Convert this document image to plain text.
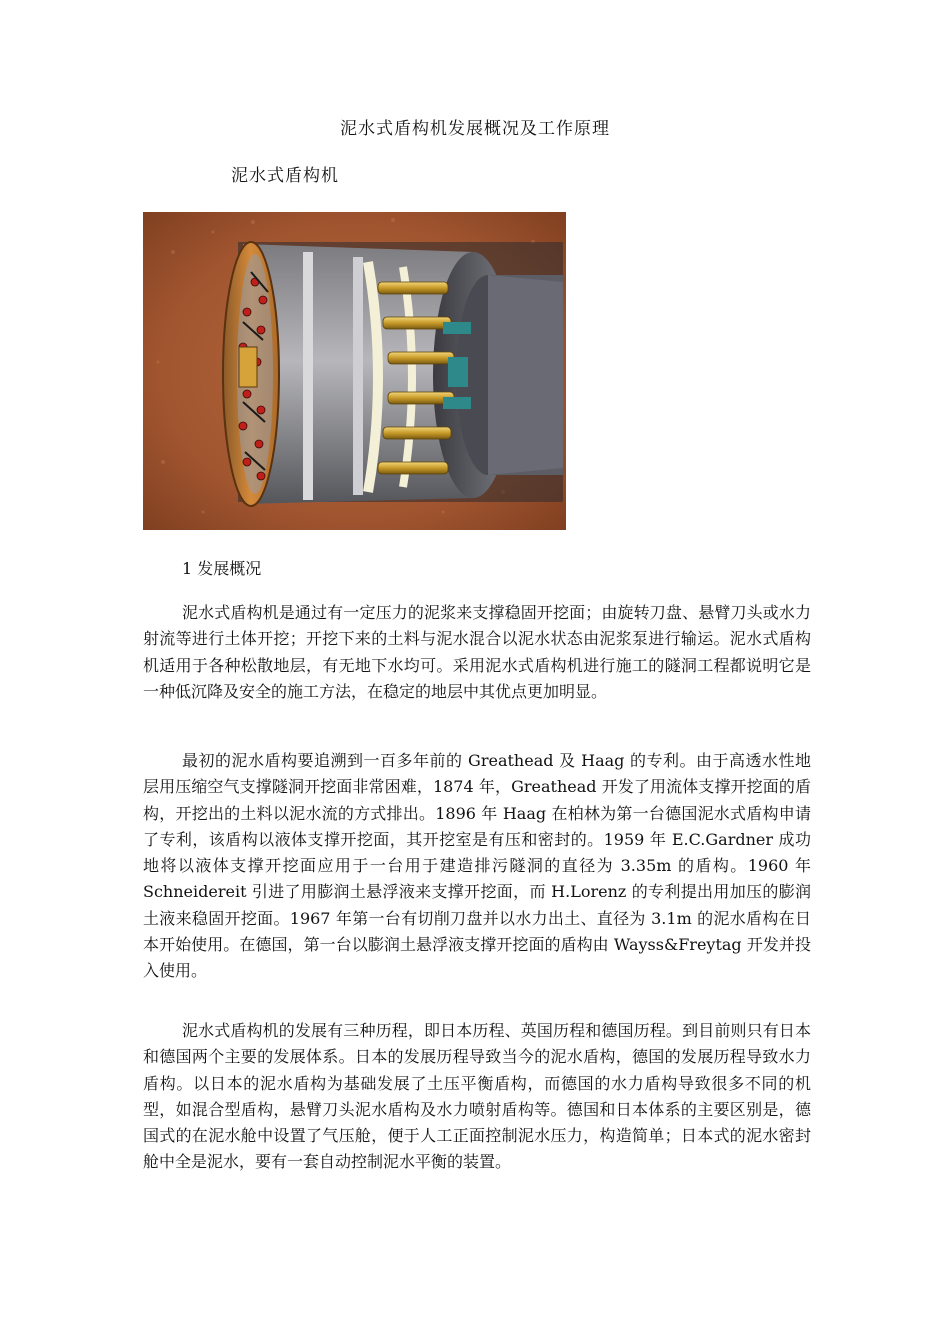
泥水式盾构机发展概况及工作原理
泥水式盾构机
1 发展概况

泥水式盾构机是通过有一定压力的泥浆来支撑稳固开挖面；由旋转刀盘、悬臂刀头或水力射流等进行土体开挖；开挖下来的土料与泥水混合以泥水状态由泥浆泵进行输运。泥水式盾构机适用于各种松散地层，有无地下水均可。采用泥水式盾构机进行施工的隧洞工程都说明它是一种低沉降及安全的施工方法，在稳定的地层中其优点更加明显。

最初的泥水盾构要追溯到一百多年前的 Greathead 及 Haag 的专利。由于高透水性地层用压缩空气支撑隧洞开挖面非常困难，1874 年，Greathead 开发了用流体支撑开挖面的盾构，开挖出的土料以泥水流的方式排出。1896 年 Haag 在柏林为第一台德国泥水式盾构申请了专利，该盾构以液体支撑开挖面，其开挖室是有压和密封的。1959 年 E.C.Gardner 成功地将以液体支撑开挖面应用于一台用于建造排污隧洞的直径为 3.35m 的盾构。1960 年 Schneidereit 引进了用膨润土悬浮液来支撑开挖面，而 H.Lorenz 的专利提出用加压的膨润土液来稳固开挖面。1967 年第一台有切削刀盘并以水力出土、直径为 3.1m 的泥水盾构在日本开始使用。在德国，第一台以膨润土悬浮液支撑开挖面的盾构由 Wayss&Freytag 开发并投入使用。

泥水式盾构机的发展有三种历程，即日本历程、英国历程和德国历程。到目前则只有日本和德国两个主要的发展体系。日本的发展历程导致当今的泥水盾构，德国的发展历程导致水力盾构。以日本的泥水盾构为基础发展了土压平衡盾构，而德国的水力盾构导致很多不同的机型，如混合型盾构，悬臂刀头泥水盾构及水力喷射盾构等。德国和日本体系的主要区别是，德国式的在泥水舱中设置了气压舱，便于人工正面控制泥水压力，构造简单；日本式的泥水密封舱中全是泥水，要有一套自动控制泥水平衡的装置。
